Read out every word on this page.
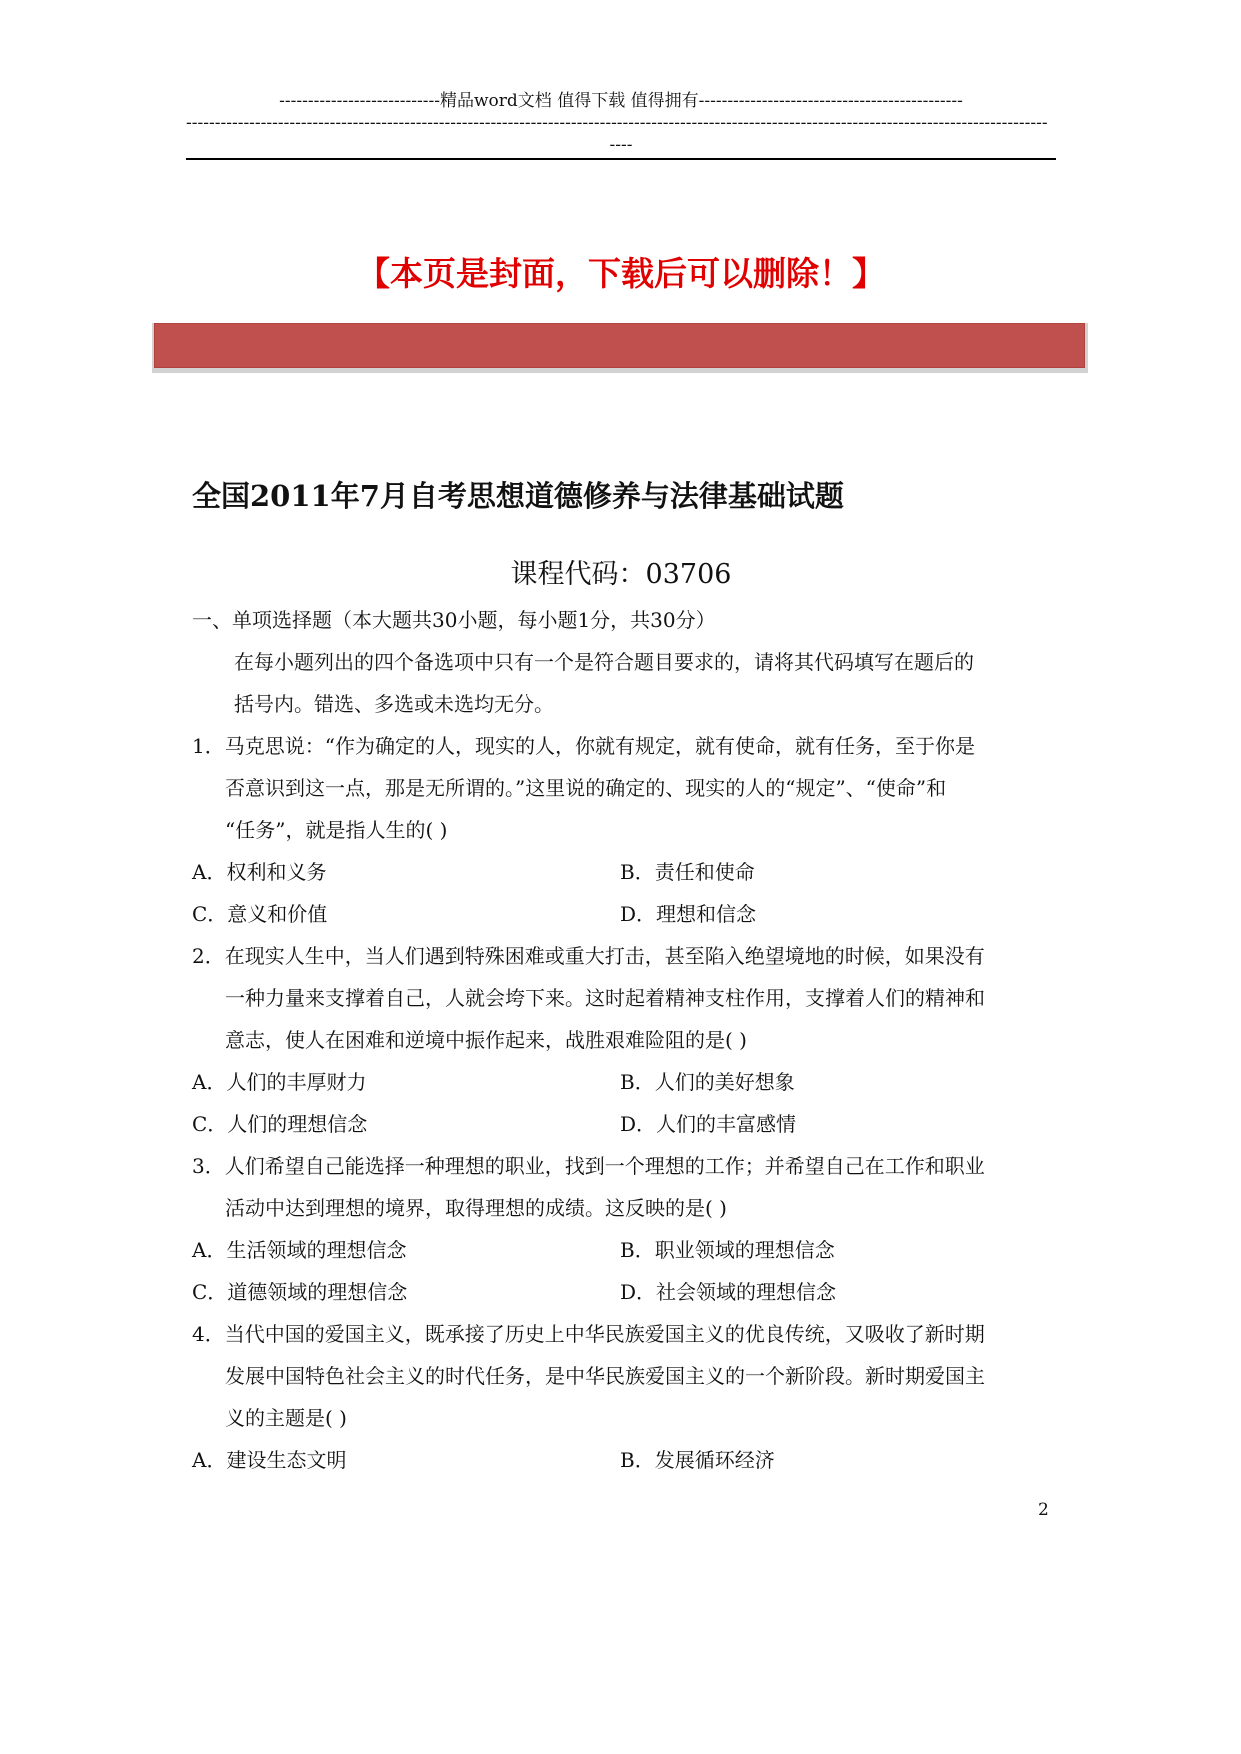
----------------------------精品word文档 值得下载 值得拥有----------------------------------------------
------------------------------------------------------------------------------------------------------------------------------------------------------
----
【本页是封面，下载后可以删除！】
全国2011年7月自考思想道德修养与法律基础试题
课程代码：03706
一、单项选择题（本大题共30小题，每小题1分，共30分）
在每小题列出的四个备选项中只有一个是符合题目要求的，请将其代码填写在题后的
括号内。错选、多选或未选均无分。
1．马克思说：“作为确定的人，现实的人，你就有规定，就有使命，就有任务，至于你是
否意识到这一点，那是无所谓的。”这里说的确定的、现实的人的“规定”、“使命”和
“任务”，就是指人生的( )
A．权利和义务	B．责任和使命
C．意义和价值	D．理想和信念
2．在现实人生中，当人们遇到特殊困难或重大打击，甚至陷入绝望境地的时候，如果没有
一种力量来支撑着自己，人就会垮下来。这时起着精神支柱作用，支撑着人们的精神和
意志，使人在困难和逆境中振作起来，战胜艰难险阻的是( )
A．人们的丰厚财力	B．人们的美好想象
C．人们的理想信念	D．人们的丰富感情
3．人们希望自己能选择一种理想的职业，找到一个理想的工作；并希望自己在工作和职业
活动中达到理想的境界，取得理想的成绩。这反映的是( )
A．生活领域的理想信念	B．职业领域的理想信念
C．道德领域的理想信念	D．社会领域的理想信念
4．当代中国的爱国主义，既承接了历史上中华民族爱国主义的优良传统，又吸收了新时期
发展中国特色社会主义的时代任务，是中华民族爱国主义的一个新阶段。新时期爱国主
义的主题是( )
A．建设生态文明	B．发展循环经济
2
